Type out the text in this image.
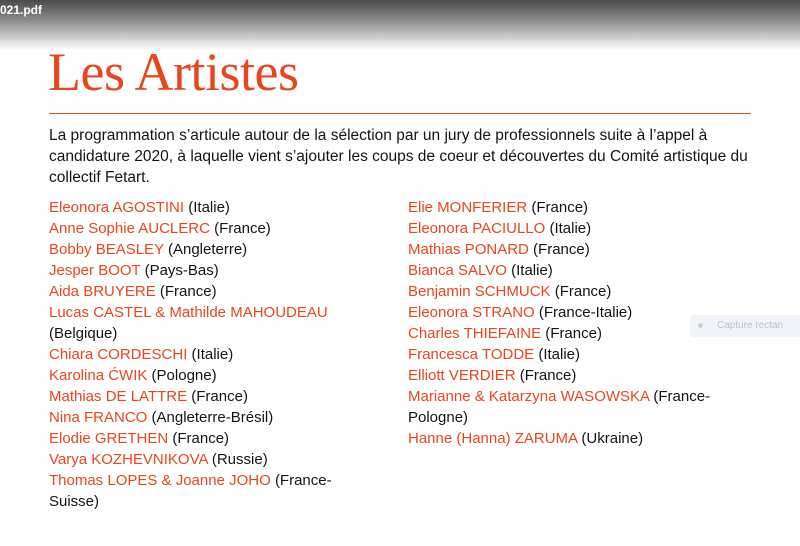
021.pdf
Les Artistes

La programmation s’articule autour de la sélection par un jury de professionnels suite à l’appel à candidature 2020, à laquelle vient s’ajouter les coups de coeur et découvertes du Comité artistique du collectif Fetart.

Eleonora AGOSTINI (Italie)
Anne Sophie AUCLERC (France)
Bobby BEASLEY (Angleterre)
Jesper BOOT (Pays-Bas)
Aida BRUYERE (France)
Lucas CASTEL & Mathilde MAHOUDEAU (Belgique)
Chiara CORDESCHI (Italie)
Karolina ĆWIK (Pologne)
Mathias DE LATTRE (France)
Nina FRANCO (Angleterre-Brésil)
Elodie GRETHEN (France)
Varya KOZHEVNIKOVA (Russie)
Thomas LOPES & Joanne JOHO (France-Suisse)
Elie MONFERIER (France)
Eleonora PACIULLO (Italie)
Mathias PONARD (France)
Bianca SALVO (Italie)
Benjamin SCHMUCK (France)
Eleonora STRANO (France-Italie)
Charles THIEFAINE (France)
Francesca TODDE (Italie)
Elliott VERDIER (France)
Marianne & Katarzyna WASOWSKA (France-Pologne)
Hanne (Hanna) ZARUMA (Ukraine)
Capture rectan
